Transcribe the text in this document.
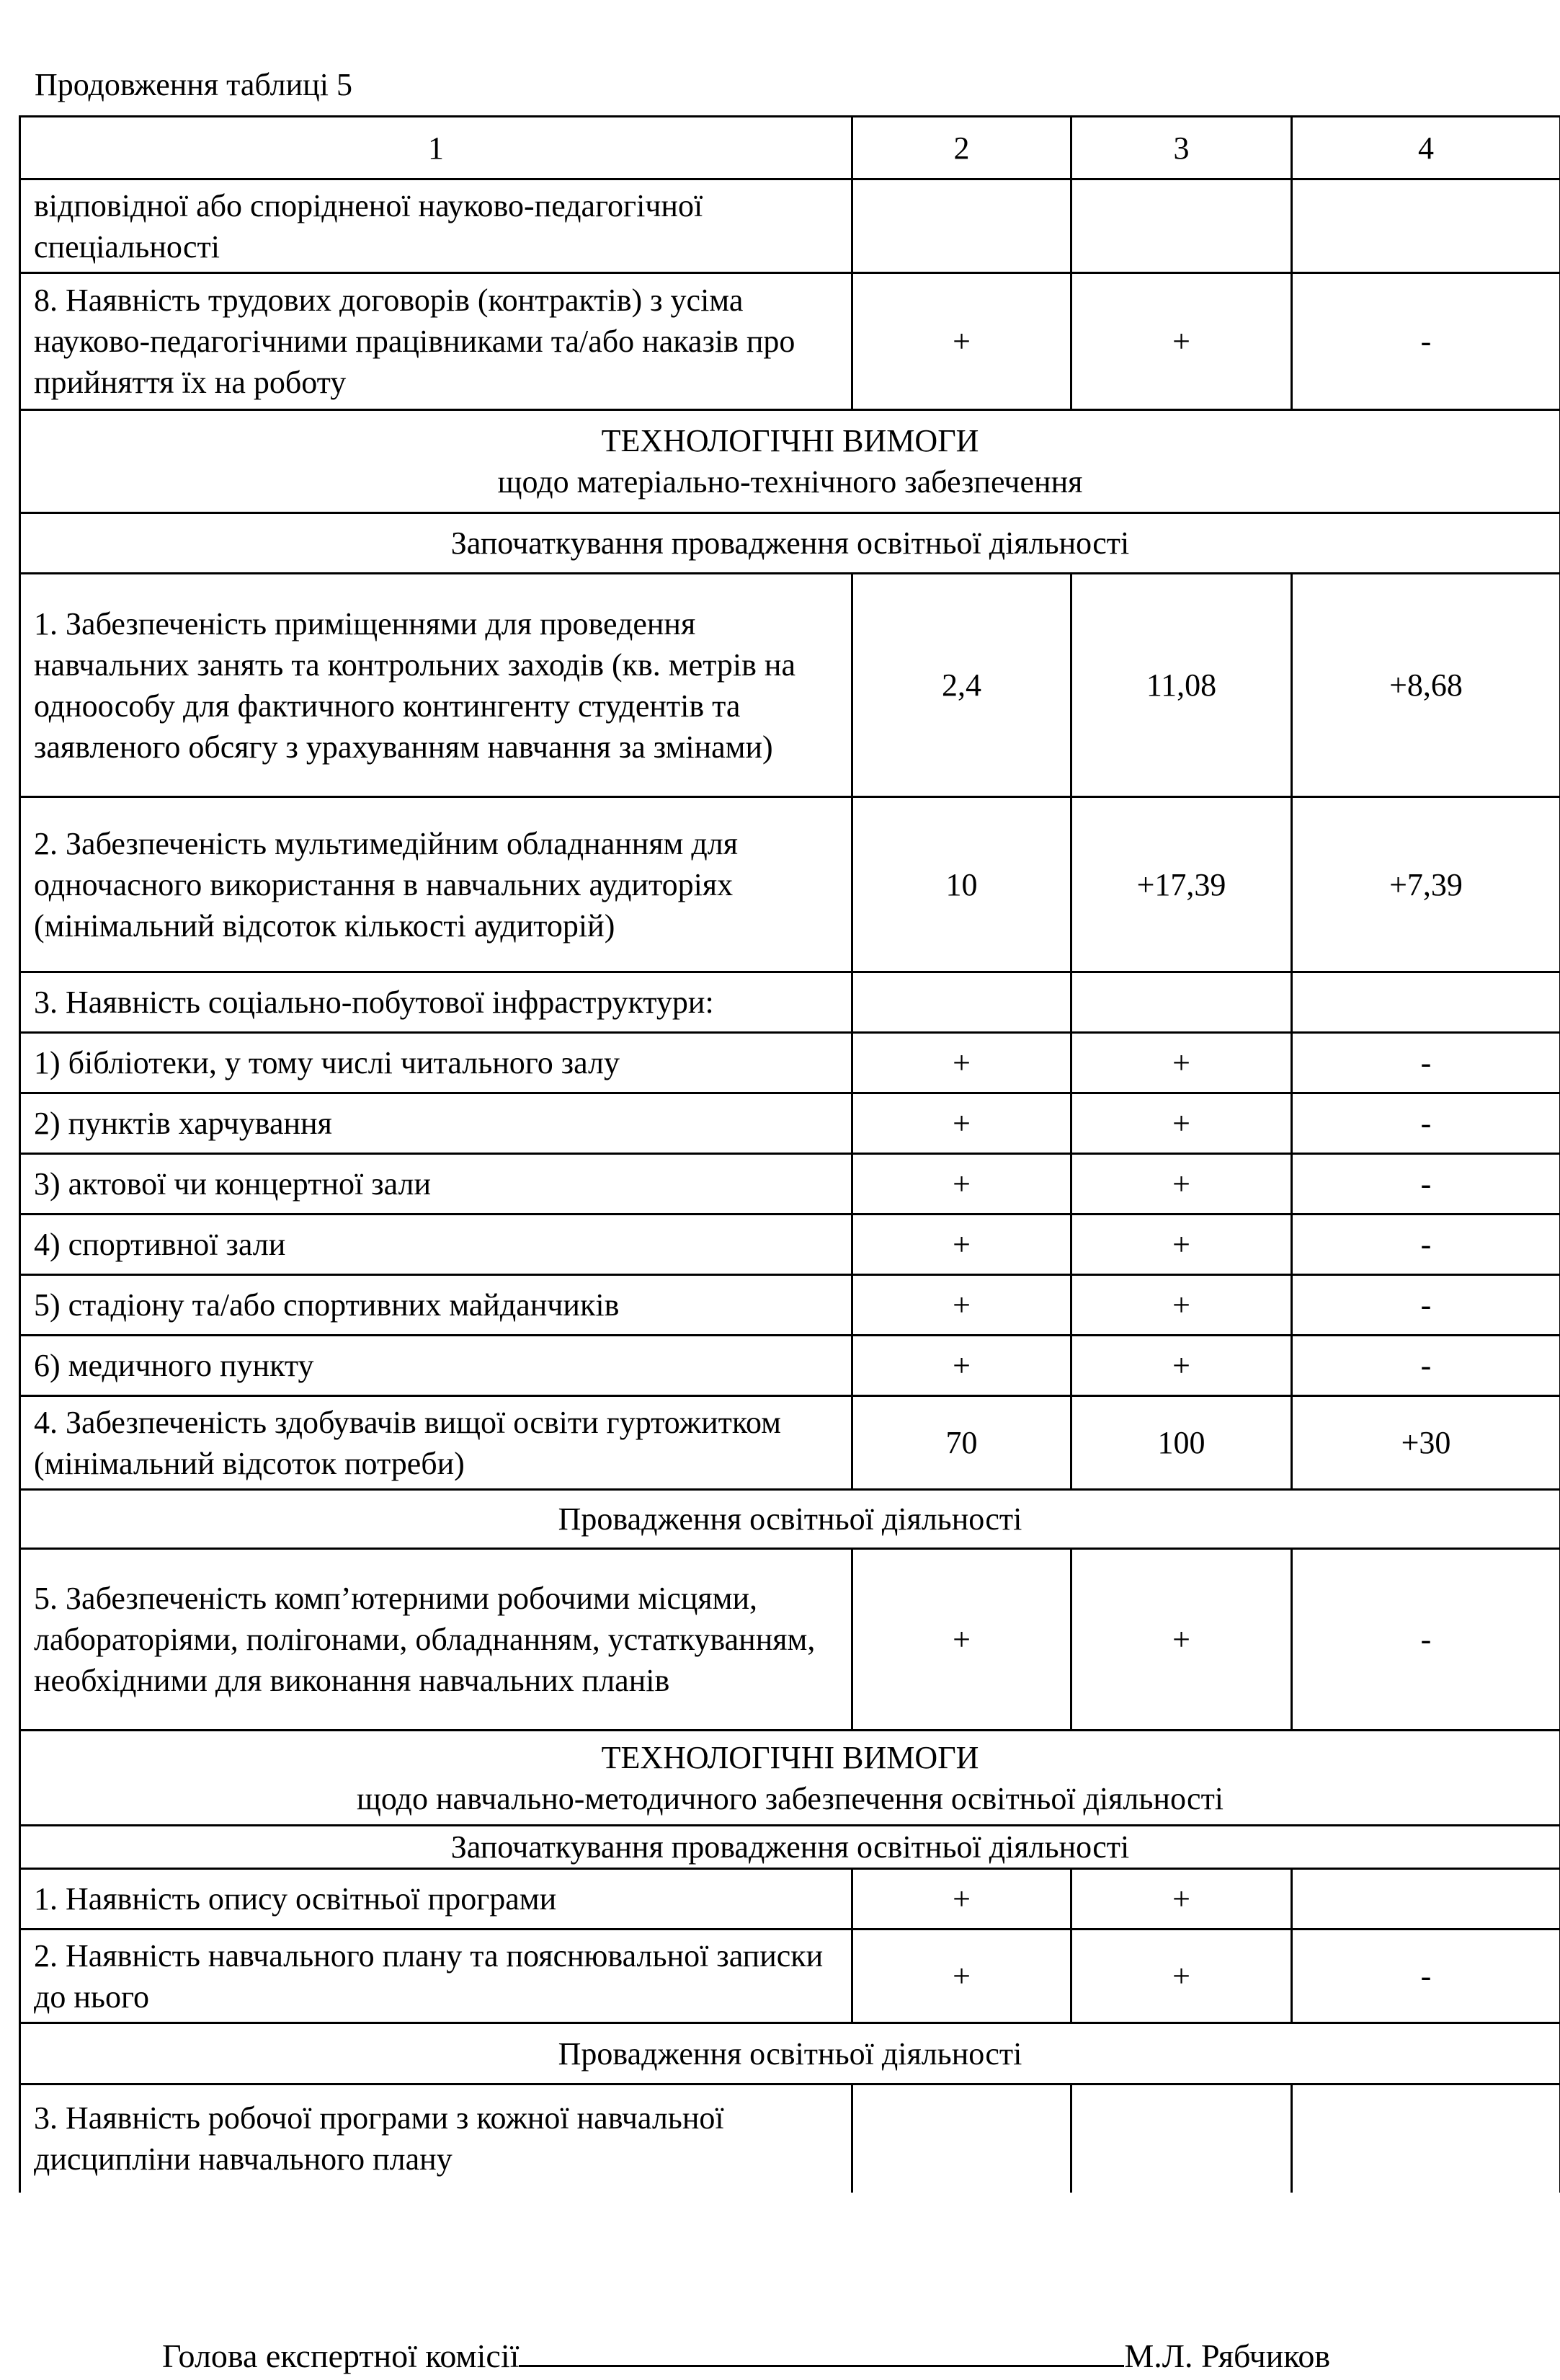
Продовження таблиці 5
1	2	3	4
відповідної або спорідненої науково-педагогічної спеціальності			
8. Наявність трудових договорів (контрактів) з усіма науково-педагогічними працівниками та/або наказів про прийняття їх на роботу	+	+	-

ТЕХНОЛОГІЧНІ ВИМОГИ
щодо матеріально-технічного забезпечення			

Започаткування провадження освітньої діяльності			
1. Забезпеченість приміщеннями для проведення навчальних занять та контрольних заходів (кв. метрів на одноособу для фактичного контингенту студентів та заявленого обсягу з урахуванням навчання за змінами)	2,4	11,08	+8,68
2. Забезпеченість мультимедійним обладнанням для одночасного використання в навчальних аудиторіях (мінімальний відсоток кількості аудиторій)	10	+17,39	+7,39
3. Наявність соціально-побутової інфраструктури:			
1) бібліотеки, у тому числі читального залу	+	+	-
2) пунктів харчування	+	+	-
3) актової чи концертної зали	+	+	-
4) спортивної зали	+	+	-
5) стадіону та/або спортивних майданчиків	+	+	-
6) медичного пункту	+	+	-
4. Забезпеченість здобувачів вищої освіти гуртожитком (мінімальний відсоток потреби)	70	100	+30
Провадження освітньої діяльності			
5. Забезпеченість комп’ютерними робочими місцями, лабораторіями, полігонами, обладнанням, устаткуванням, необхідними для виконання навчальних планів	+	+	-

ТЕХНОЛОГІЧНІ ВИМОГИ
щодо навчально-методичного забезпечення освітньої діяльності			

Започаткування провадження освітньої діяльності			
1. Наявність опису освітньої програми	+	+	
2. Наявність навчального плану та пояснювальної записки до нього	+	+	-
Провадження освітньої діяльності			
3. Наявність робочої програми з кожної навчальної дисципліни навчального плану			
Голова експертної комісії	М.Л. Рябчиков
